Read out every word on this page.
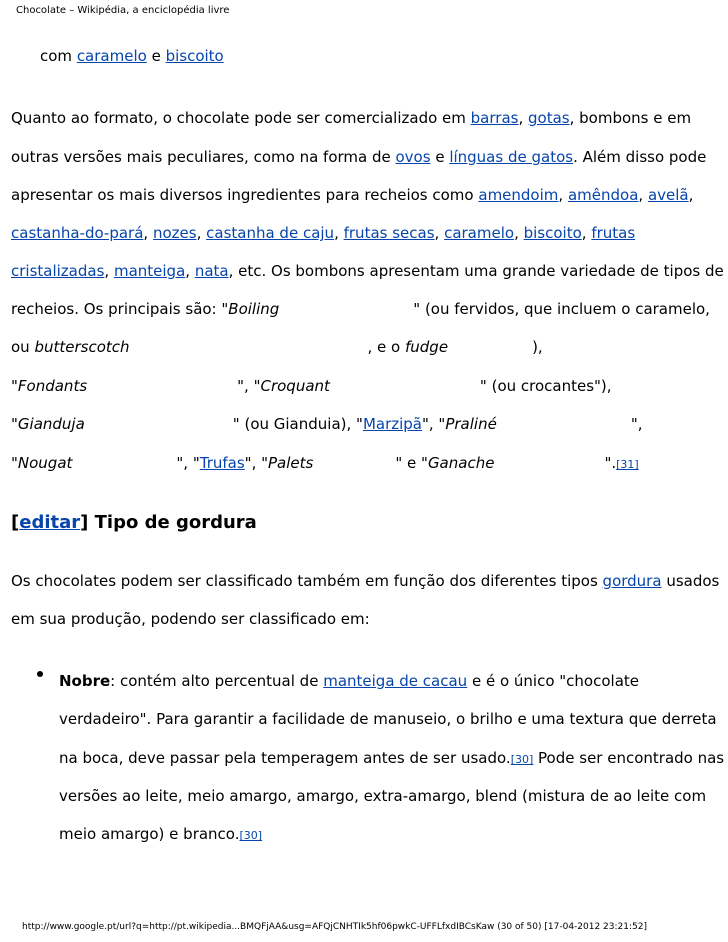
Chocolate – Wikipédia, a enciclopédia livre
com caramelo e biscoito
Quanto ao formato, o chocolate pode ser comercializado em barras, gotas, bombons e em
outras versões mais peculiares, como na forma de ovos e línguas de gatos. Além disso pode
apresentar os mais diversos ingredientes para recheios como amendoim, amêndoa, avelã,
castanha-do-pará, nozes, castanha de caju, frutas secas, caramelo, biscoito, frutas
cristalizadas, manteiga, nata, etc. Os bombons apresentam uma grande variedade de tipos de
recheios. Os principais são: "Boiling	" (ou fervidos, que incluem o caramelo,
ou butterscotch	, e o fudge	),
"Fondants	", "Croquant	" (ou crocantes"),
"Gianduja	" (ou Gianduia), "Marzipã", "Praliné	",
"Nougat	", "Trufas", "Palets	" e "Ganache	".[31]
[editar] Tipo de gordura
Os chocolates podem ser classificado também em função dos diferentes tipos gordura usados
em sua produção, podendo ser classificado em:
Nobre: contém alto percentual de manteiga de cacau e é o único "chocolate
verdadeiro". Para garantir a facilidade de manuseio, o brilho e uma textura que derreta
na boca, deve passar pela temperagem antes de ser usado.[30] Pode ser encontrado nas
versões ao leite, meio amargo, amargo, extra-amargo, blend (mistura de ao leite com
meio amargo) e branco.[30]
http://www.google.pt/url?q=http://pt.wikipedia...BMQFjAA&usg=AFQjCNHTIk5hf06pwkC-UFFLfxdIBCsKaw (30 of 50) [17-04-2012 23:21:52]
